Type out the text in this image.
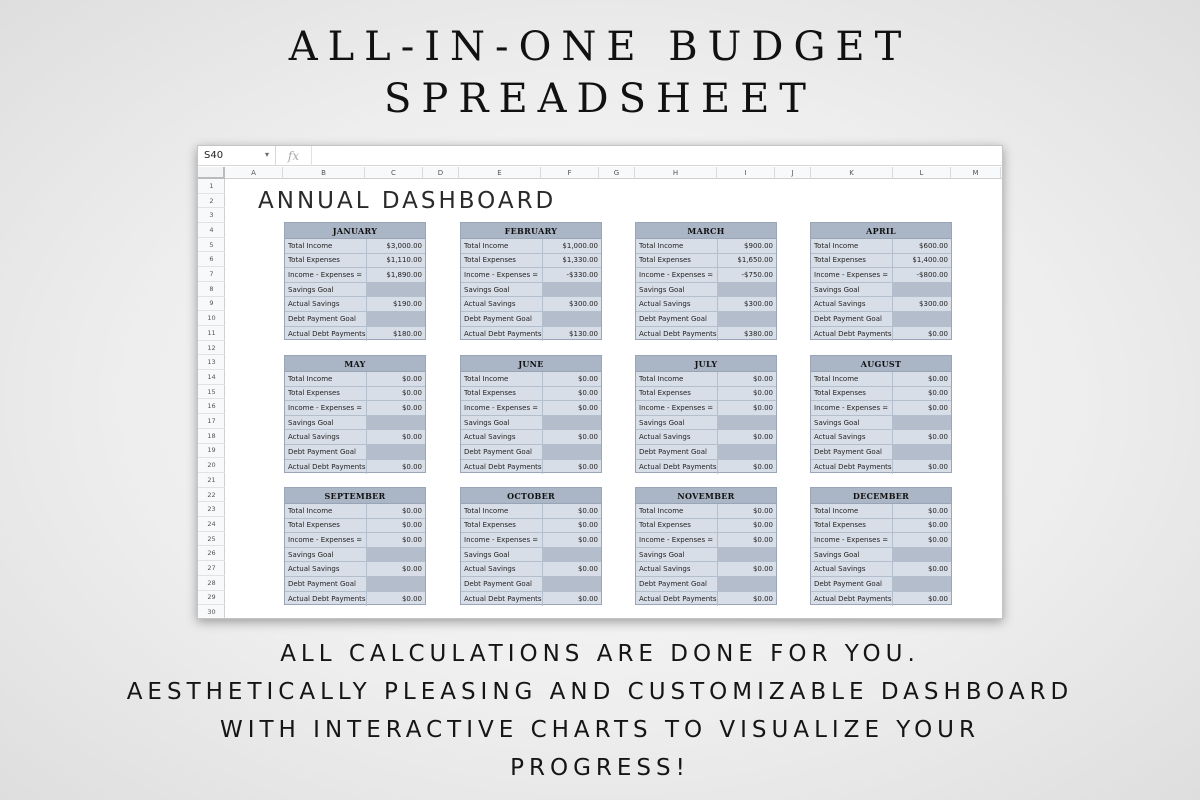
ALL-IN-ONE BUDGET
SPREADSHEET
S40	▾	fx
A	B	C	D	E	F	G	H	I	J	K	L	M
1
2
3
4
5
6
7
8
9
10
11
12
13
14
15
16
17
18
19
20
21
22
23
24
25
26
27
28
29
30
ANNUAL DASHBOARD
JANUARY
Total Income	$3,000.00
Total Expenses	$1,110.00
Income - Expenses =	$1,890.00
Savings Goal
Actual Savings	$190.00
Debt Payment Goal
Actual Debt Payments	$180.00
FEBRUARY
Total Income	$1,000.00
Total Expenses	$1,330.00
Income - Expenses =	-$330.00
Savings Goal
Actual Savings	$300.00
Debt Payment Goal
Actual Debt Payments	$130.00
MARCH
Total Income	$900.00
Total Expenses	$1,650.00
Income - Expenses =	-$750.00
Savings Goal
Actual Savings	$300.00
Debt Payment Goal
Actual Debt Payments	$380.00
APRIL
Total Income	$600.00
Total Expenses	$1,400.00
Income - Expenses =	-$800.00
Savings Goal
Actual Savings	$300.00
Debt Payment Goal
Actual Debt Payments	$0.00
MAY
Total Income	$0.00
Total Expenses	$0.00
Income - Expenses =	$0.00
Savings Goal
Actual Savings	$0.00
Debt Payment Goal
Actual Debt Payments	$0.00
JUNE
Total Income	$0.00
Total Expenses	$0.00
Income - Expenses =	$0.00
Savings Goal
Actual Savings	$0.00
Debt Payment Goal
Actual Debt Payments	$0.00
JULY
Total Income	$0.00
Total Expenses	$0.00
Income - Expenses =	$0.00
Savings Goal
Actual Savings	$0.00
Debt Payment Goal
Actual Debt Payments	$0.00
AUGUST
Total Income	$0.00
Total Expenses	$0.00
Income - Expenses =	$0.00
Savings Goal
Actual Savings	$0.00
Debt Payment Goal
Actual Debt Payments	$0.00
SEPTEMBER
Total Income	$0.00
Total Expenses	$0.00
Income - Expenses =	$0.00
Savings Goal
Actual Savings	$0.00
Debt Payment Goal
Actual Debt Payments	$0.00
OCTOBER
Total Income	$0.00
Total Expenses	$0.00
Income - Expenses =	$0.00
Savings Goal
Actual Savings	$0.00
Debt Payment Goal
Actual Debt Payments	$0.00
NOVEMBER
Total Income	$0.00
Total Expenses	$0.00
Income - Expenses =	$0.00
Savings Goal
Actual Savings	$0.00
Debt Payment Goal
Actual Debt Payments	$0.00
DECEMBER
Total Income	$0.00
Total Expenses	$0.00
Income - Expenses =	$0.00
Savings Goal
Actual Savings	$0.00
Debt Payment Goal
Actual Debt Payments	$0.00
ALL CALCULATIONS ARE DONE FOR YOU.
AESTHETICALLY PLEASING AND CUSTOMIZABLE DASHBOARD
WITH INTERACTIVE CHARTS TO VISUALIZE YOUR
PROGRESS!
